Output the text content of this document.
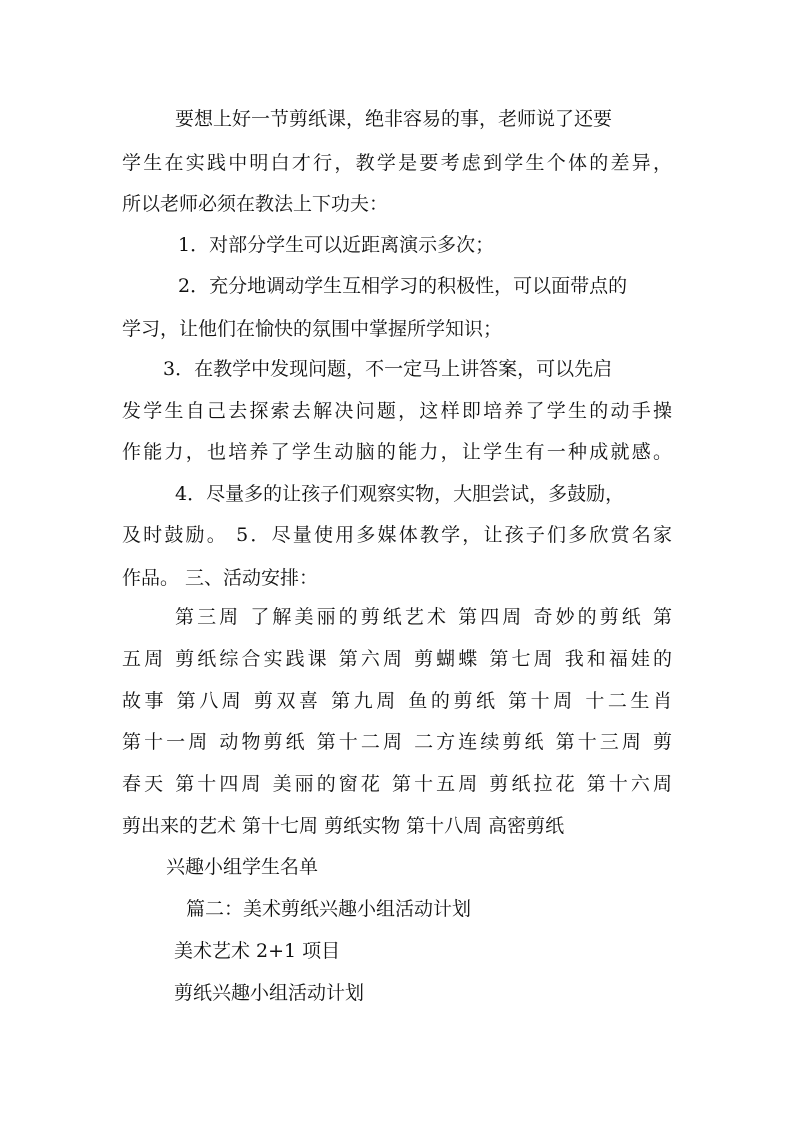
要想上好一节剪纸课，绝非容易的事，老师说了还要
学生在实践中明白才行，教学是要考虑到学生个体的差异，
所以老师必须在教法上下功夫：
1．对部分学生可以近距离演示多次；
2．充分地调动学生互相学习的积极性，可以面带点的
学习，让他们在愉快的氛围中掌握所学知识；
3．在教学中发现问题，不一定马上讲答案，可以先启
发学生自己去探索去解决问题，这样即培养了学生的动手操
作能力，也培养了学生动脑的能力，让学生有一种成就感。
4．尽量多的让孩子们观察实物，大胆尝试，多鼓励，
及时鼓励。 5．尽量使用多媒体教学，让孩子们多欣赏名家
作品。 三、活动安排：
第三周 了解美丽的剪纸艺术 第四周 奇妙的剪纸 第
五周 剪纸综合实践课 第六周 剪蝴蝶 第七周 我和福娃的
故事 第八周 剪双喜 第九周 鱼的剪纸 第十周 十二生肖
第十一周 动物剪纸 第十二周 二方连续剪纸 第十三周 剪
春天 第十四周 美丽的窗花 第十五周 剪纸拉花 第十六周
剪出来的艺术 第十七周 剪纸实物 第十八周 高密剪纸
兴趣小组学生名单
篇二：美术剪纸兴趣小组活动计划
美术艺术 2+1 项目
剪纸兴趣小组活动计划
